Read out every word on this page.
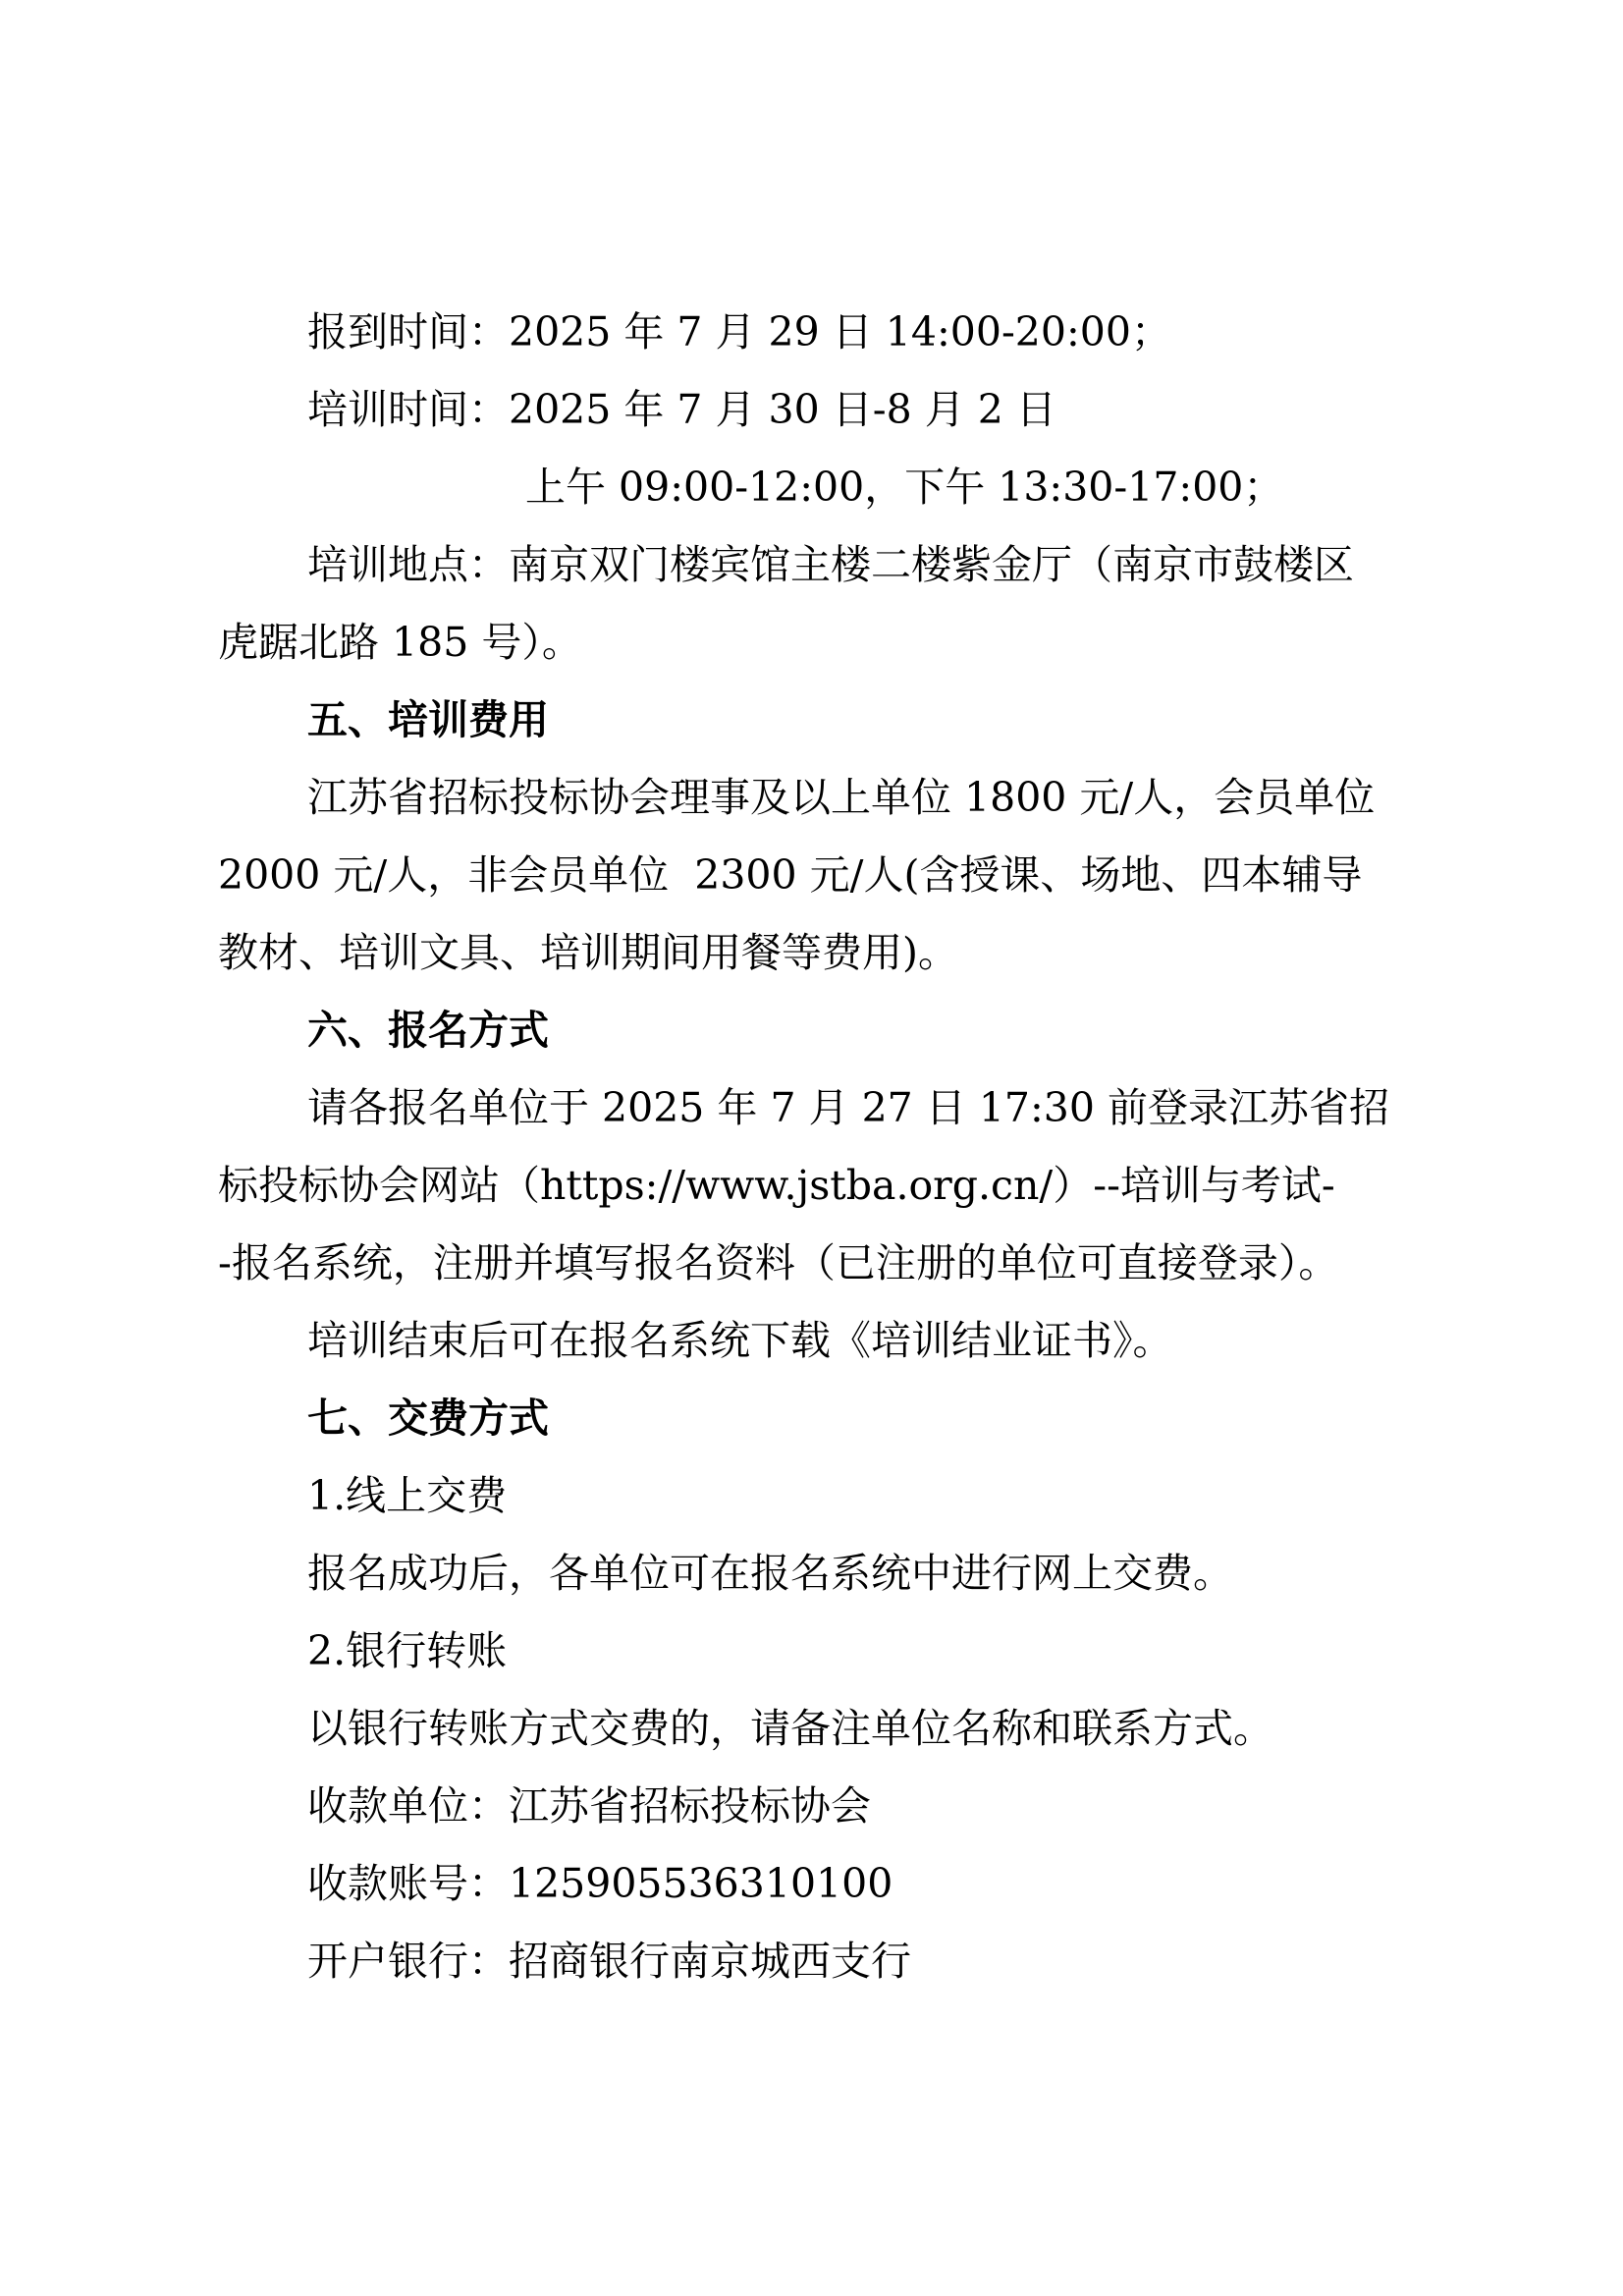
报到时间：2025 年 7 月 29 日 14:00-20:00；
培训时间：2025 年 7 月 30 日-8 月 2 日
上午 09:00-12:00，下午 13:30-17:00；
培训地点：南京双门楼宾馆主楼二楼紫金厅（南京市鼓楼区
虎踞北路 185 号）。
五、培训费用
江苏省招标投标协会理事及以上单位 1800 元/人，会员单位
2000 元/人，非会员单位  2300 元/人(含授课、场地、四本辅导
教材、培训文具、培训期间用餐等费用)。
六、报名方式
请各报名单位于 2025 年 7 月 27 日 17:30 前登录江苏省招
标投标协会网站（https://www.jstba.org.cn/）--培训与考试-
-报名系统，注册并填写报名资料（已注册的单位可直接登录）。
培训结束后可在报名系统下载《培训结业证书》。
七、交费方式
1.线上交费
报名成功后，各单位可在报名系统中进行网上交费。
2.银行转账
以银行转账方式交费的，请备注单位名称和联系方式。
收款单位：江苏省招标投标协会
收款账号：125905536310100
开户银行：招商银行南京城西支行
